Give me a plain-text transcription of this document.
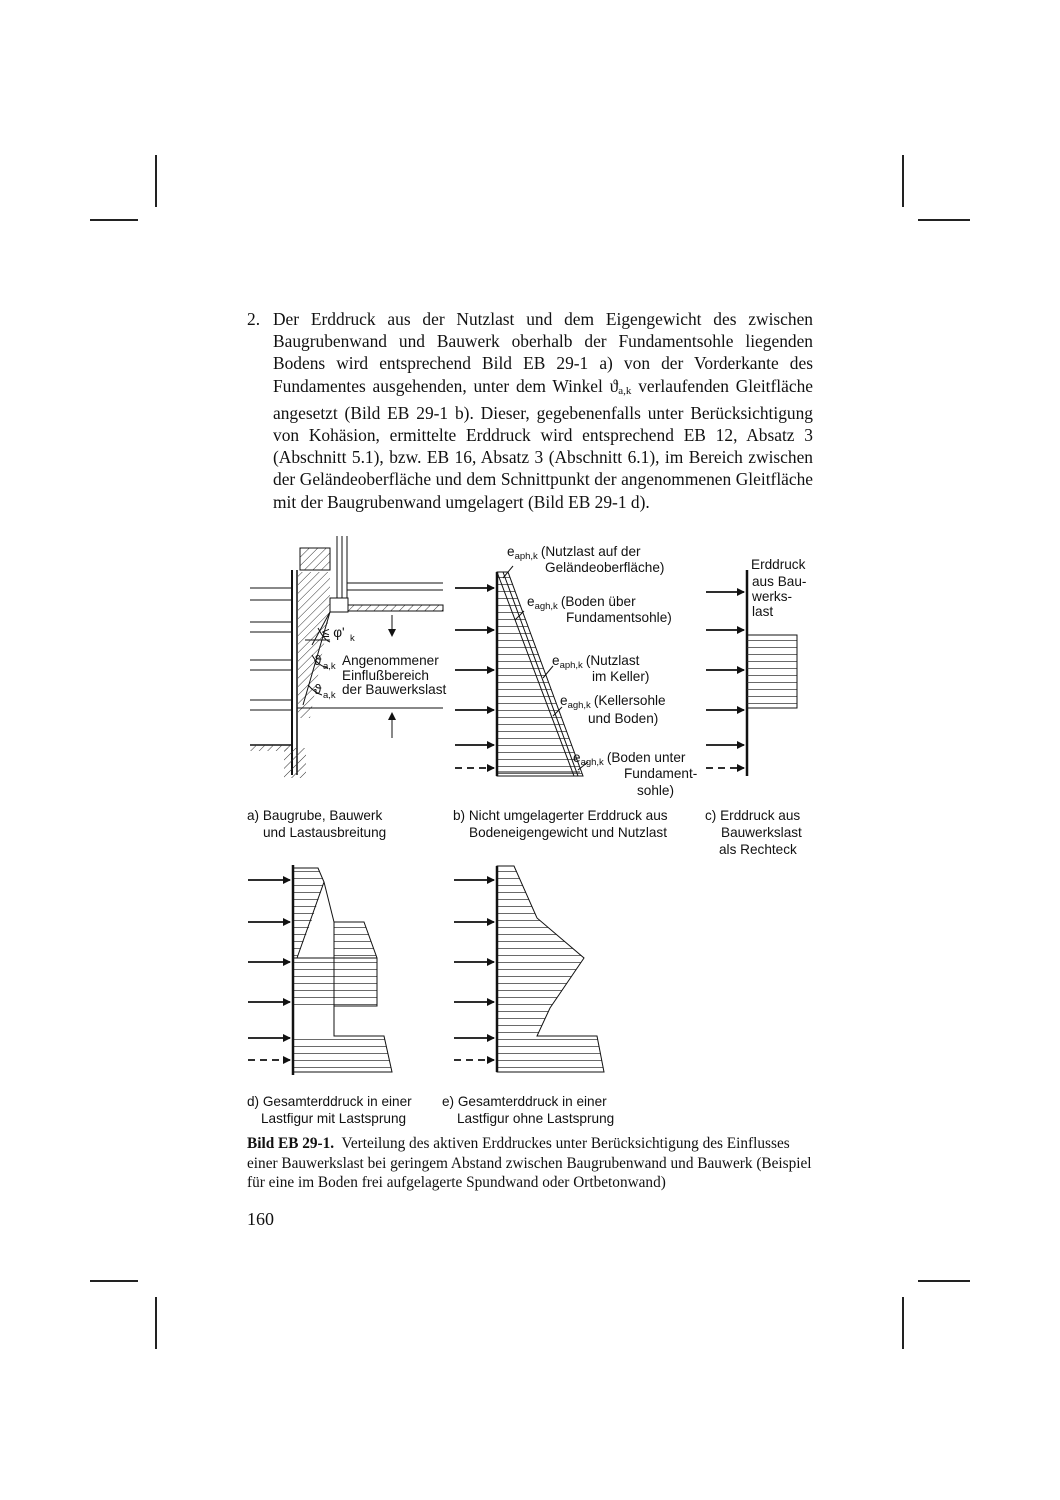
2. Der Erddruck aus der Nutzlast und dem Eigengewicht des zwischen Baugrubenwand und Bauwerk oberhalb der Fundamentsohle liegenden Bodens wird entsprechend Bild EB 29-1 a) von der Vorderkante des Fundamentes ausgehenden, unter dem Winkel ϑa,k verlaufenden Gleitfläche angesetzt (Bild EB 29-1 b). Dieser, gegebenenfalls unter Berücksichtigung von Kohäsion, ermittelte Erddruck wird entsprechend EB 12, Absatz 3 (Abschnitt 5.1), bzw. EB 16, Absatz 3 (Abschnitt 6.1), im Bereich zwischen der Geländeoberfläche und dem Schnittpunkt der angenommenen Gleitfläche mit der Baugrubenwand umgelagert (Bild EB 29-1 d).

≤ φ' k
ϑ a,k Angenommener
Einflußbereich
ϑ a,k der Bauwerkslast
$e_{aph,k}$ (Nutzlast auf der
Geländeoberfläche)
$e_{agh,k}$ (Boden über
Fundamentsohle)
$e_{aph,k}$ (Nutzlast
im Keller)
$e_{agh,k}$ (Kellersohle
und Boden)
$e_{agh,k}$ (Boden unter
Fundament-
sohle)
Erddruck
aus Bau-
werks-
last
a) Baugrube, Bauwerk
und Lastausbreitung
b) Nicht umgelagerter Erddruck aus
Bodeneigengewicht und Nutzlast
c) Erddruck aus
Bauwerkslast
als Rechteck
d) Gesamterddruck in einer
Lastfigur mit Lastsprung
e) Gesamterddruck in einer
Lastfigur ohne Lastsprung

Bild EB 29-1. Verteilung des aktiven Erddruckes unter Berücksichtigung des Einflusses einer Bauwerkslast bei geringem Abstand zwischen Baugrubenwand und Bauwerk (Beispiel für eine im Boden frei aufgelagerte Spundwand oder Ortbetonwand)

160
